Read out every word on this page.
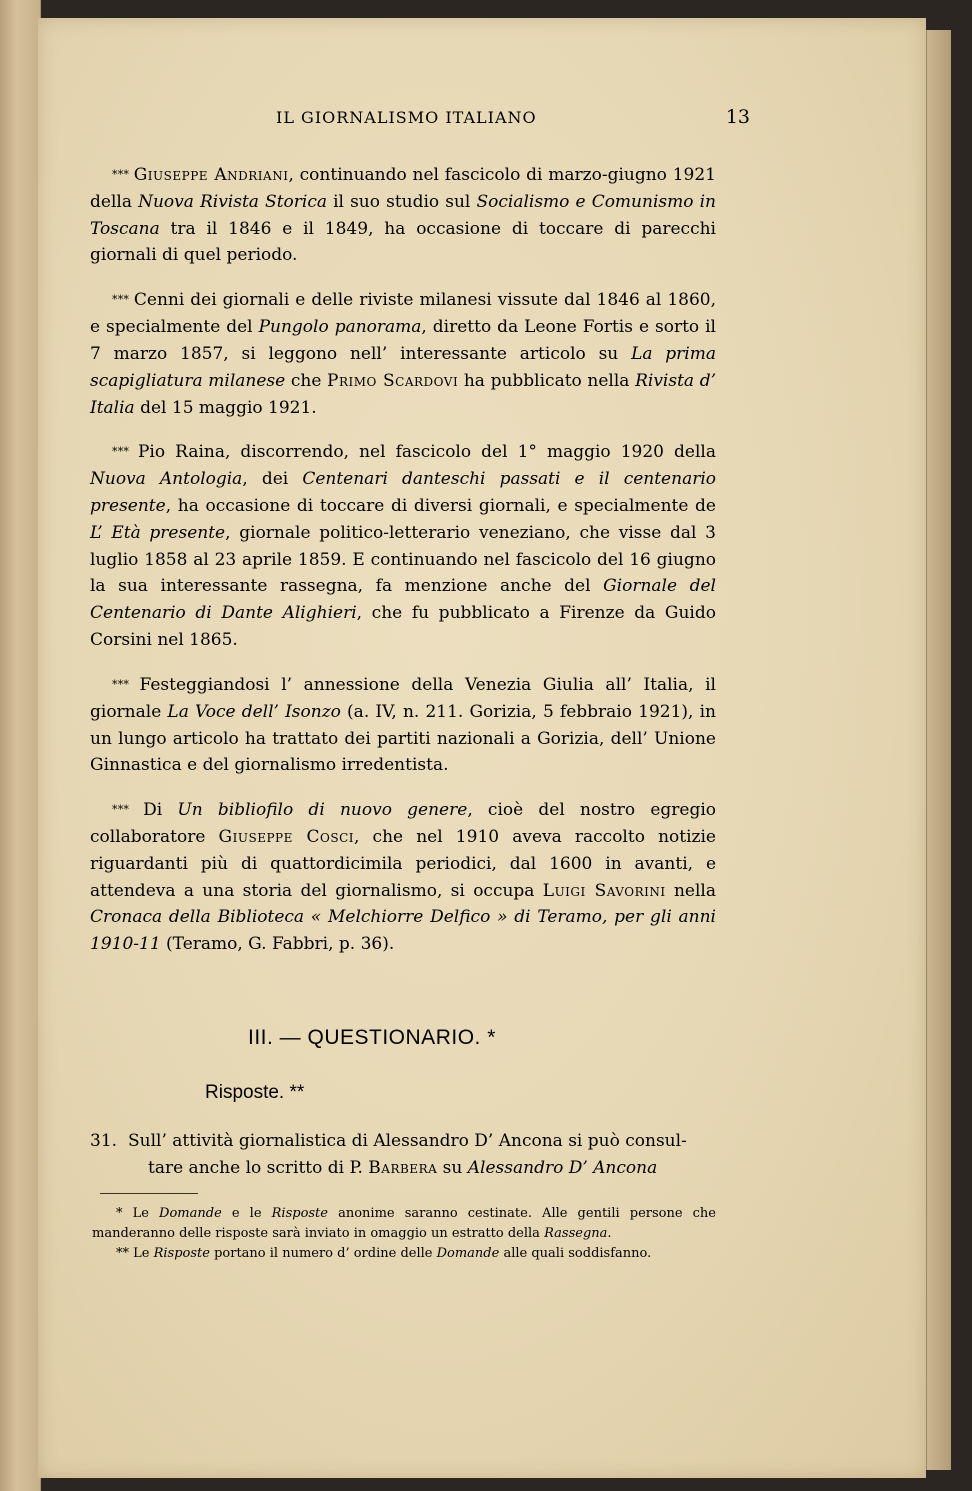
IL GIORNALISMO ITALIANO	13

* * * Giuseppe Andriani, continuando nel fascicolo di marzo-giugno 1921 della Nuova Rivista Storica il suo studio sul Socialismo e Comunismo in Toscana tra il 1846 e il 1849, ha occasione di toccare di parecchi giornali di quel periodo.

* * * Cenni dei giornali e delle riviste milanesi vissute dal 1846 al 1860, e specialmente del Pungolo panorama, diretto da Leone Fortis e sorto il 7 marzo 1857, si leggono nell’ interessante articolo su La prima scapigliatura milanese che Primo Scardovi ha pubblicato nella Rivista d’ Italia del 15 maggio 1921.

* * * Pio Raina, discorrendo, nel fascicolo del 1° maggio 1920 della Nuova Antologia, dei Centenari danteschi passati e il centenario presente, ha occasione di toccare di diversi giornali, e specialmente de L’ Età presente, giornale politico-letterario veneziano, che visse dal 3 luglio 1858 al 23 aprile 1859. E continuando nel fascicolo del 16 giugno la sua interessante rassegna, fa menzione anche del Giornale del Centenario di Dante Alighieri, che fu pubblicato a Firenze da Guido Corsini nel 1865.

* * * Festeggiandosi l’ annessione della Venezia Giulia all’ Italia, il giornale La Voce dell’ Isonzo (a. IV, n. 211. Gorizia, 5 febbraio 1921), in un lungo articolo ha trattato dei partiti nazionali a Gorizia, dell’ Unione Ginnastica e del giornalismo irredentista.

* * * Di Un bibliofilo di nuovo genere, cioè del nostro egregio collaboratore Giuseppe Cosci, che nel 1910 aveva raccolto notizie riguardanti più di quattordicimila periodici, dal 1600 in avanti, e attendeva a una storia del giornalismo, si occupa Luigi Savorini nella Cronaca della Biblioteca « Melchiorre Delfico » di Teramo, per gli anni 1910-11 (Teramo, G. Fabbri, p. 36).

III. — QUESTIONARIO. *
Risposte. **
31. Sull’ attività giornalistica di Alessandro D’ Ancona si può consul-
tare anche lo scritto di P. Barbera su Alessandro D’ Ancona

* Le Domande e le Risposte anonime saranno cestinate. Alle gentili persone che manderanno delle risposte sarà inviato in omaggio un estratto della Rassegna.

** Le Risposte portano il numero d’ ordine delle Domande alle quali soddisfanno.
